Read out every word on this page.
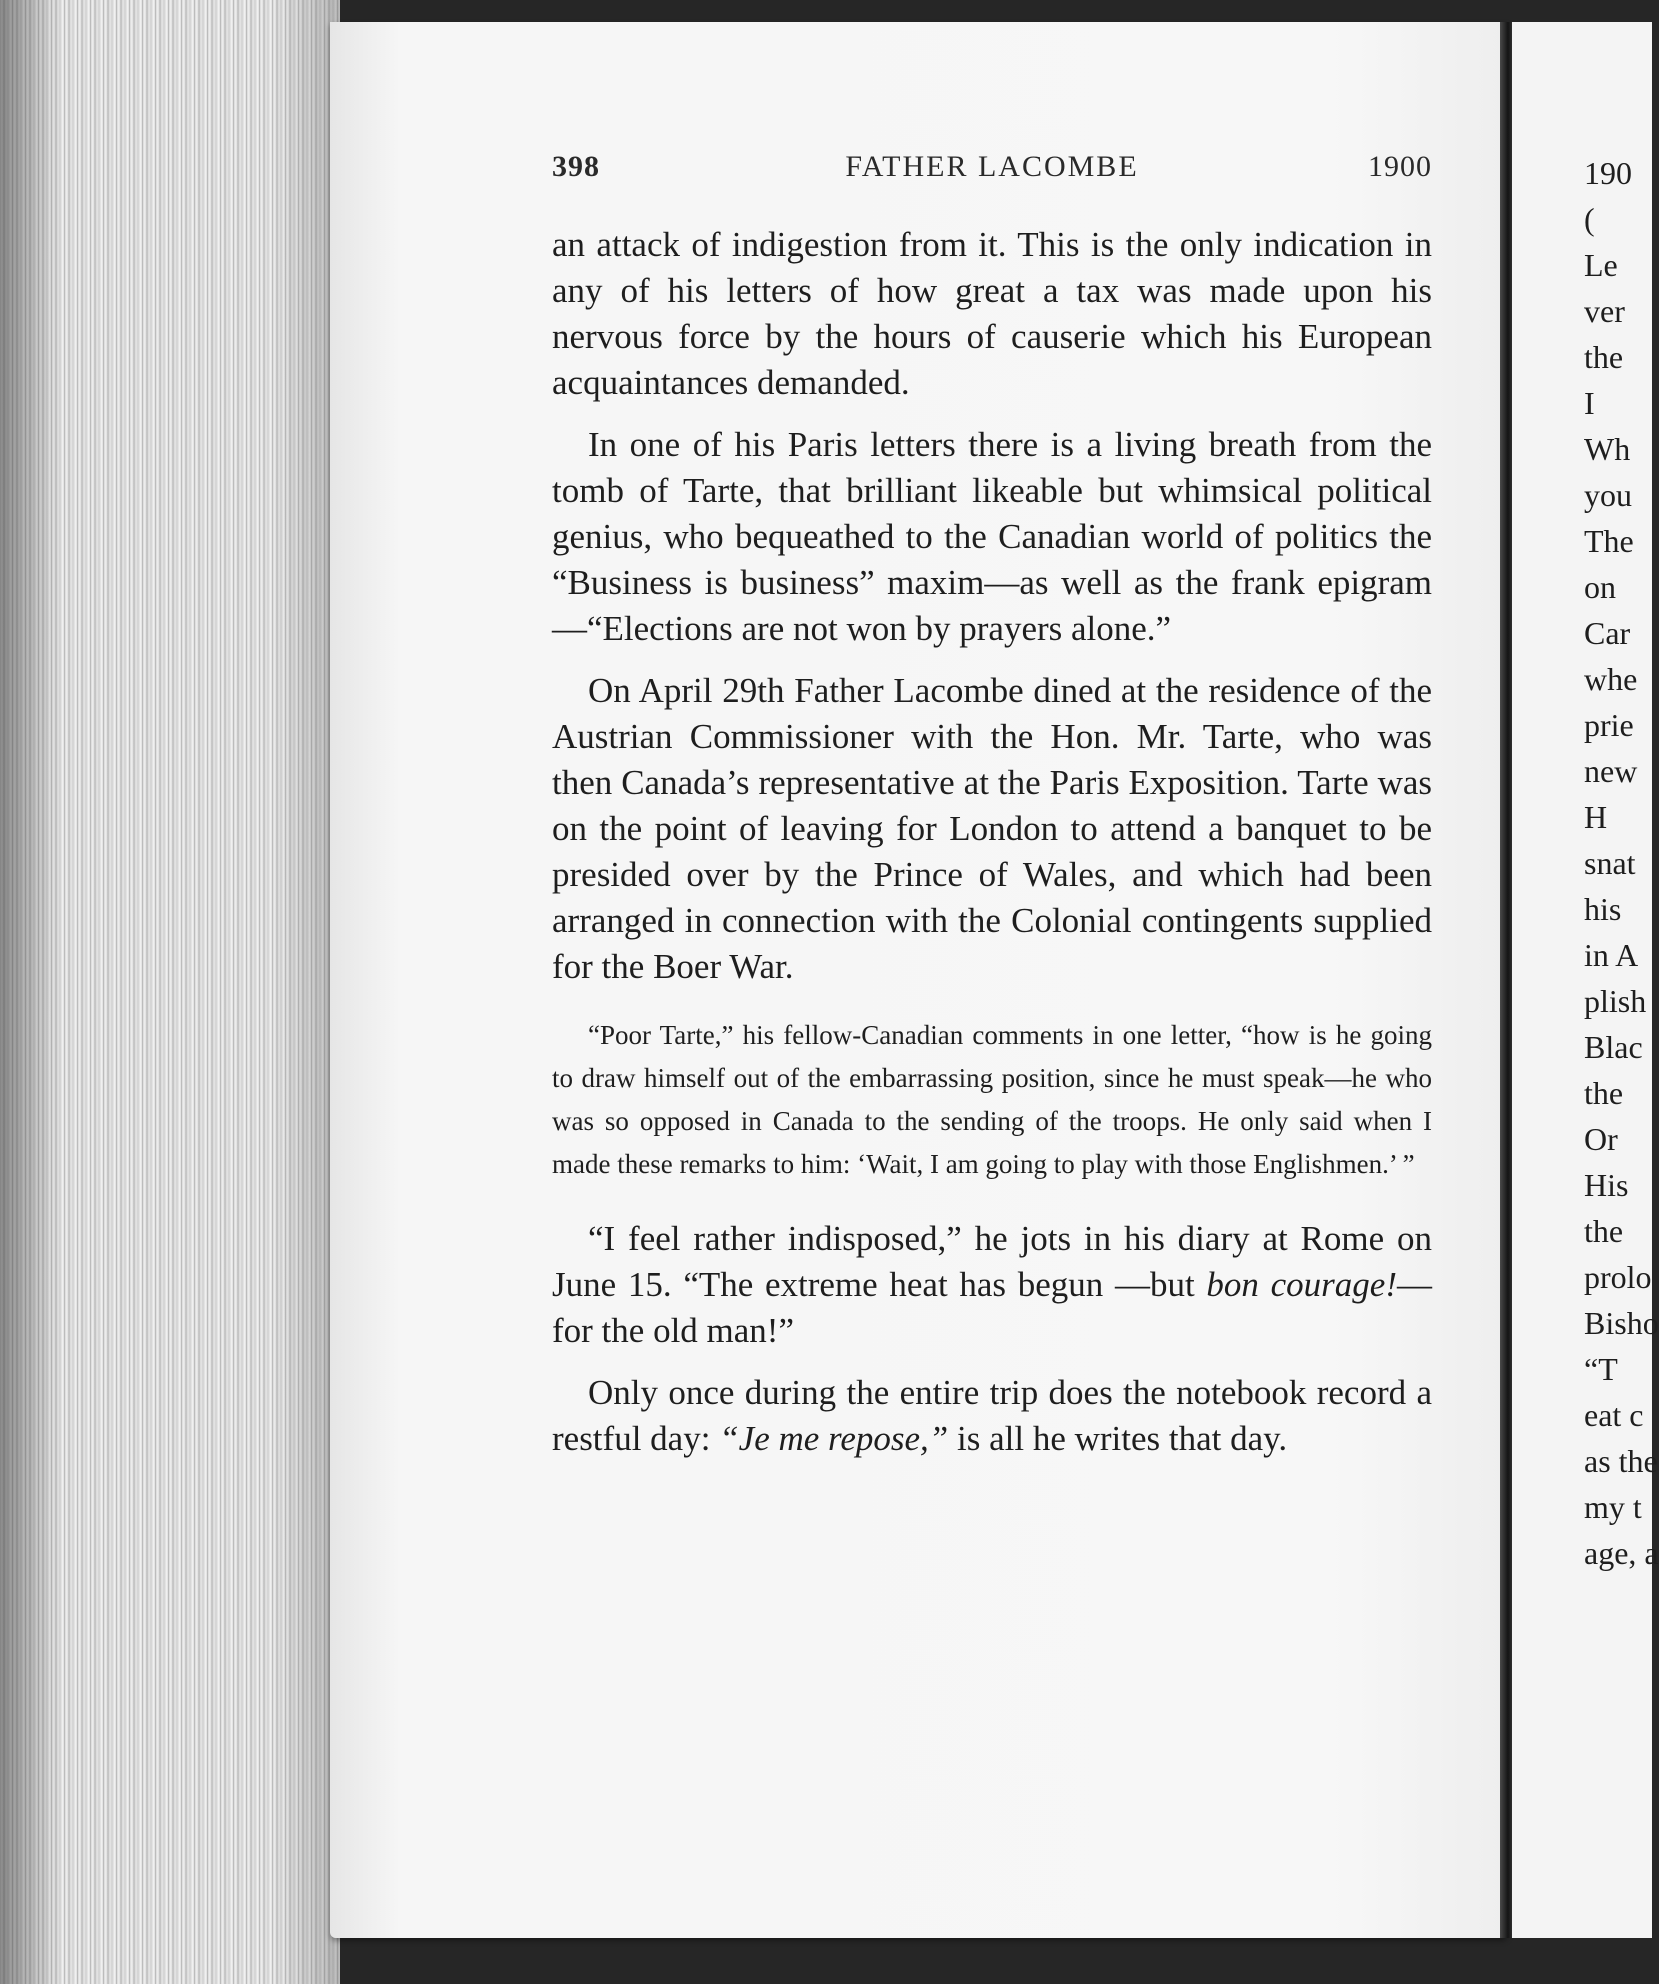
398	FATHER LACOMBE	1900

an attack of indigestion from it. This is the only indication in any of his letters of how great a tax was made upon his nervous force by the hours of causerie which his European acquaintances demanded.

In one of his Paris letters there is a living breath from the tomb of Tarte, that brilliant likeable but whimsical political genius, who bequeathed to the Canadian world of politics the “Business is business” maxim—as well as the frank epigram—“Elections are not won by prayers alone.”

On April 29th Father Lacombe dined at the residence of the Austrian Commissioner with the Hon. Mr. Tarte, who was then Canada’s representative at the Paris Exposition. Tarte was on the point of leaving for London to attend a banquet to be presided over by the Prince of Wales, and which had been arranged in connection with the Colonial contingents supplied for the Boer War.

“Poor Tarte,” his fellow-Canadian comments in one letter, “how is he going to draw himself out of the embarrassing position, since he must speak—he who was so opposed in Canada to the sending of the troops. He only said when I made these remarks to him: ‘Wait, I am going to play with those Englishmen.’ ”

“I feel rather indisposed,” he jots in his diary at Rome on June 15. “The extreme heat has begun —but bon courage!—for the old man!”

Only once during the entire trip does the notebook record a restful day: “Je me repose,” is all he writes that day.

190
(
Le
ver
the
I
Wh
you
The
on
Car
whe
prie
new
H
snat
his
in A
plish
Blac
the
Or
His
the
prolo
Bisho
“T
eat c
as the
my t
age, a
